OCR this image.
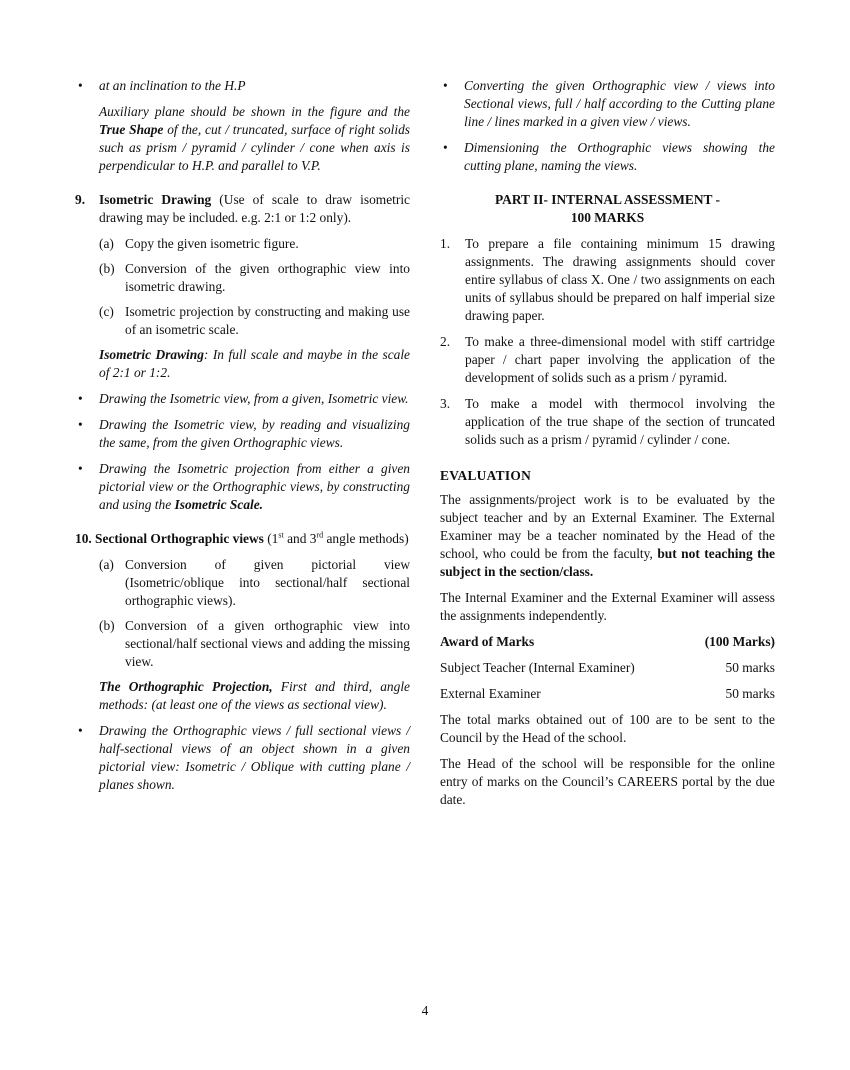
• at an inclination to the H.P

Auxiliary plane should be shown in the figure and the True Shape of the, cut / truncated, surface of right solids such as prism / pyramid / cylinder / cone when axis is perpendicular to H.P. and parallel to V.P.

9. Isometric Drawing (Use of scale to draw isometric drawing may be included. e.g. 2:1 or 1:2 only).
(a) Copy the given isometric figure.
(b) Conversion of the given orthographic view into isometric drawing.
(c) Isometric projection by constructing and making use of an isometric scale.

Isometric Drawing: In full scale and maybe in the scale of 2:1 or 1:2.

• Drawing the Isometric view, from a given, Isometric view.
• Drawing the Isometric view, by reading and visualizing the same, from the given Orthographic views.
• Drawing the Isometric projection from either a given pictorial view or the Orthographic views, by constructing and using the Isometric Scale.
10. Sectional Orthographic views (1st and 3rd angle methods)
(a) Conversion of given pictorial view (Isometric/oblique into sectional/half sectional orthographic views).
(b) Conversion of a given orthographic view into sectional/half sectional views and adding the missing view.

The Orthographic Projection, First and third, angle methods: (at least one of the views as sectional view).

• Drawing the Orthographic views / full sectional views / half-sectional views of an object shown in a given pictorial view: Isometric / Oblique with cutting plane / planes shown.
• Converting the given Orthographic view / views into Sectional views, full / half according to the Cutting plane line / lines marked in a given view / views.
• Dimensioning the Orthographic views showing the cutting plane, naming the views.
PART II- INTERNAL ASSESSMENT -
100 MARKS
1. To prepare a file containing minimum 15 drawing assignments. The drawing assignments should cover entire syllabus of class X. One / two assignments on each units of syllabus should be prepared on half imperial size drawing paper.
2. To make a three-dimensional model with stiff cartridge paper / chart paper involving the application of the development of solids such as a prism / pyramid.
3. To make a model with thermocol involving the application of the true shape of the section of truncated solids such as a prism / pyramid / cylinder / cone.
EVALUATION

The assignments/project work is to be evaluated by the subject teacher and by an External Examiner. The External Examiner may be a teacher nominated by the Head of the school, who could be from the faculty, but not teaching the subject in the section/class.

The Internal Examiner and the External Examiner will assess the assignments independently.

Award of Marks	(100 Marks)
Subject Teacher (Internal Examiner)	50 marks
External Examiner	50 marks

The total marks obtained out of 100 are to be sent to the Council by the Head of the school.

The Head of the school will be responsible for the online entry of marks on the Council’s CAREERS portal by the due date.

4
